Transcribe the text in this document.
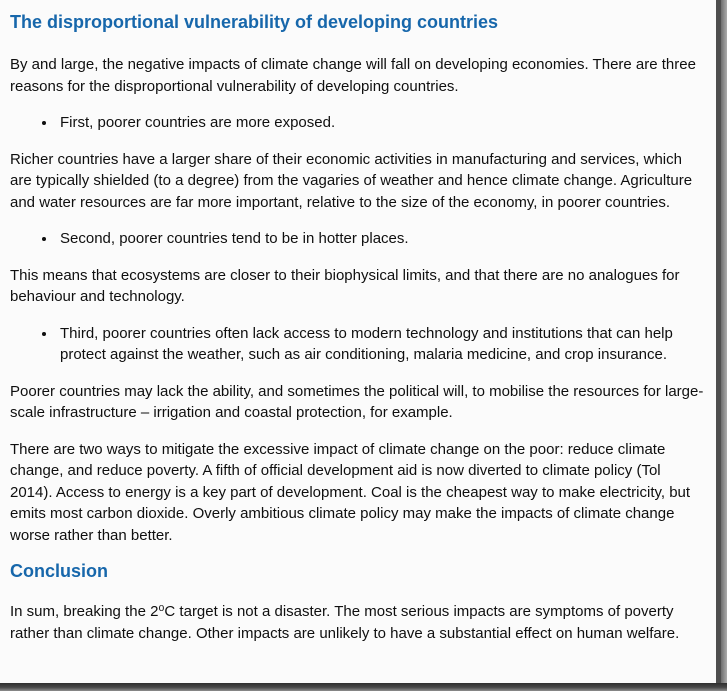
The disproportional vulnerability of developing countries

By and large, the negative impacts of climate change will fall on developing economies. There are three reasons for the disproportional vulnerability of developing countries.

• First, poorer countries are more exposed.

Richer countries have a larger share of their economic activities in manufacturing and services, which are typically shielded (to a degree) from the vagaries of weather and hence climate change. Agriculture and water resources are far more important, relative to the size of the economy, in poorer countries.

• Second, poorer countries tend to be in hotter places.

This means that ecosystems are closer to their biophysical limits, and that there are no analogues for behaviour and technology.

• Third, poorer countries often lack access to modern technology and institutions that can help protect against the weather, such as air conditioning, malaria medicine, and crop insurance.

Poorer countries may lack the ability, and sometimes the political will, to mobilise the resources for large-scale infrastructure – irrigation and coastal protection, for example.

There are two ways to mitigate the excessive impact of climate change on the poor: reduce climate change, and reduce poverty. A fifth of official development aid is now diverted to climate policy (Tol 2014). Access to energy is a key part of development. Coal is the cheapest way to make electricity, but emits most carbon dioxide. Overly ambitious climate policy may make the impacts of climate change worse rather than better.

Conclusion

In sum, breaking the 2⁰C target is not a disaster. The most serious impacts are symptoms of poverty rather than climate change. Other impacts are unlikely to have a substantial effect on human welfare.
